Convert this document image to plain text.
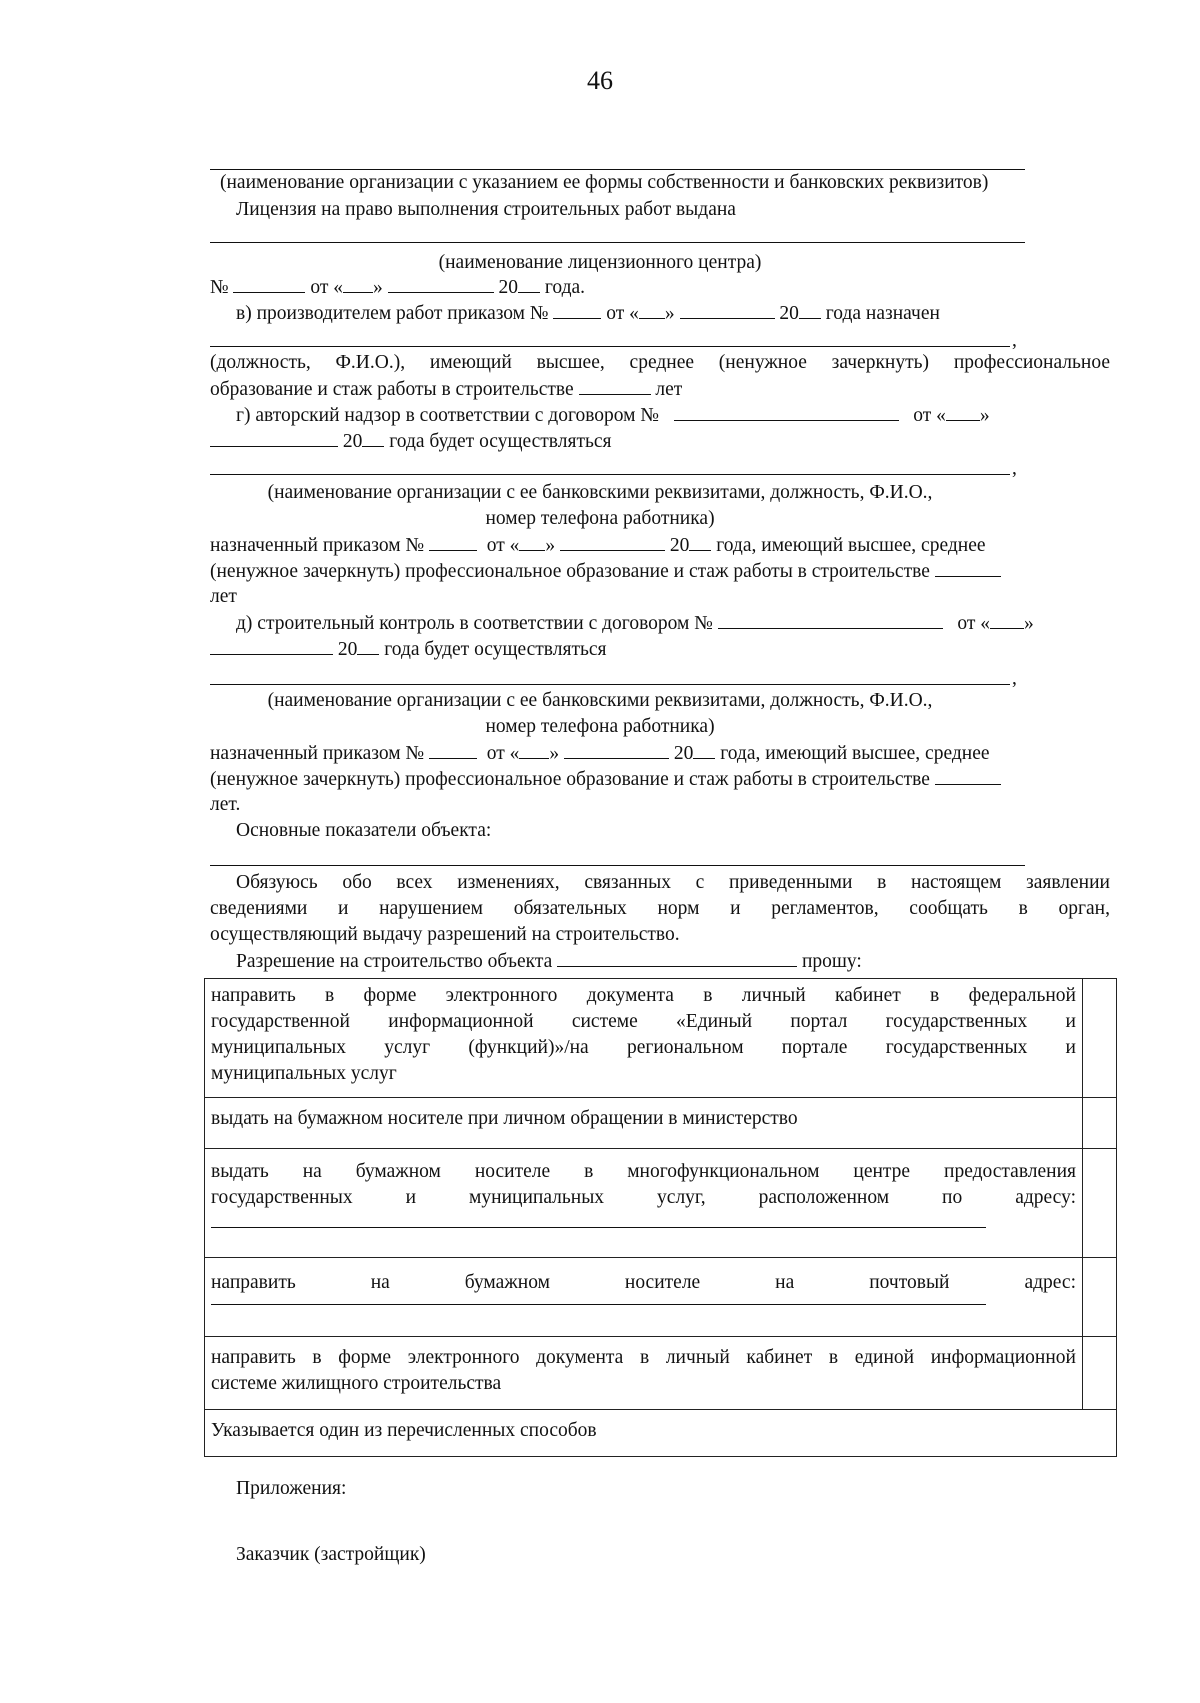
46
(наименование организации с указанием ее формы собственности и банковских реквизитов)
Лицензия на право выполнения строительных работ выдана
(наименование лицензионного центра)
№	от « »	20 года.
в) производителем работ приказом №	от « »	20 года назначен
,
(должность, Ф.И.О.), имеющий высшее, среднее (ненужное зачеркнуть) профессиональное
образование и стаж работы в строительстве	лет
г) авторский надзор в соответствии с договором №	от « »
20 года будет осуществляться
,
(наименование организации с ее банковскими реквизитами, должность, Ф.И.О.,
номер телефона работника)
назначенный приказом №	от « »	20 года, имеющий высшее, среднее
(ненужное зачеркнуть) профессиональное образование и стаж работы в строительстве
лет
д) строительный контроль в соответствии с договором №	от « »
20 года будет осуществляться
,
(наименование организации с ее банковскими реквизитами, должность, Ф.И.О.,
номер телефона работника)
назначенный приказом №	от « »	20 года, имеющий высшее, среднее
(ненужное зачеркнуть) профессиональное образование и стаж работы в строительстве
лет.
Основные показатели объекта:
Обязуюсь обо всех изменениях, связанных с приведенными в настоящем заявлении
сведениями и нарушением обязательных норм и регламентов, сообщать в орган,
осуществляющий выдачу разрешений на строительство.
Разрешение на строительство объекта	прошу:
направить в форме электронного документа в личный кабинет в федеральной
государственной информационной системе «Единый портал государственных и
муниципальных услуг (функций)»/на региональном портале государственных и
муниципальных услуг	

выдать на бумажном носителе при личном обращении в министерство	

выдать на бумажном носителе в многофункциональном центре предоставления
государственных и муниципальных услуг, расположенном по адресу:	

направить на бумажном носителе на почтовый адрес:	

направить в форме электронного документа в личный кабинет в единой информационной
системе жилищного строительства	

Указывается один из перечисленных способов	
Приложения:
Заказчик (застройщик)
